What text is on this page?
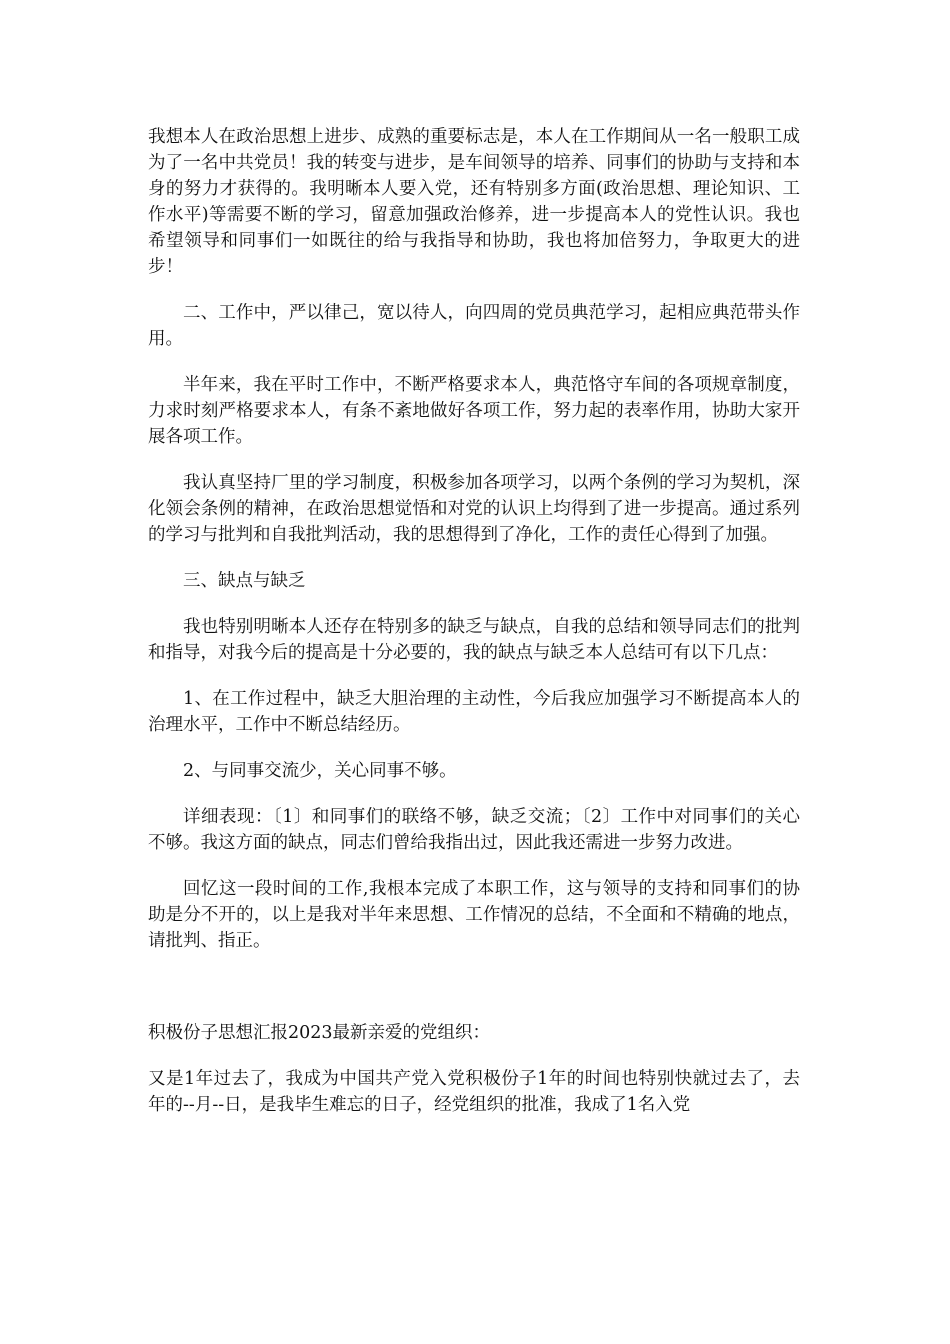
我想本人在政治思想上进步、成熟的重要标志是，本人在工作期间从一名一般职工成为了一名中共党员！我的转变与进步，是车间领导的培养、同事们的协助与支持和本身的努力才获得的。我明晰本人要入党，还有特别多方面(政治思想、理论知识、工作水平)等需要不断的学习，留意加强政治修养，进一步提高本人的党性认识。我也希望领导和同事们一如既往的给与我指导和协助，我也将加倍努力，争取更大的进步！

二、工作中，严以律己，宽以待人，向四周的党员典范学习，起相应典范带头作用。

半年来，我在平时工作中，不断严格要求本人，典范恪守车间的各项规章制度，力求时刻严格要求本人，有条不紊地做好各项工作，努力起的表率作用，协助大家开展各项工作。

我认真坚持厂里的学习制度，积极参加各项学习，以两个条例的学习为契机，深化领会条例的精神，在政治思想觉悟和对党的认识上均得到了进一步提高。通过系列的学习与批判和自我批判活动，我的思想得到了净化，工作的责任心得到了加强。

三、缺点与缺乏

我也特别明晰本人还存在特别多的缺乏与缺点，自我的总结和领导同志们的批判和指导，对我今后的提高是十分必要的，我的缺点与缺乏本人总结可有以下几点：

1、在工作过程中，缺乏大胆治理的主动性，今后我应加强学习不断提高本人的治理水平，工作中不断总结经历。

2、与同事交流少，关心同事不够。

详细表现：〔1〕和同事们的联络不够，缺乏交流；〔2〕工作中对同事们的关心不够。我这方面的缺点，同志们曾给我指出过，因此我还需进一步努力改进。

回忆这一段时间的工作,我根本完成了本职工作，这与领导的支持和同事们的协助是分不开的，以上是我对半年来思想、工作情况的总结，不全面和不精确的地点，请批判、指正。

积极份子思想汇报2023最新亲爱的党组织：

又是1年过去了，我成为中国共产党入党积极份子1年的时间也特别快就过去了，去年的--月--日，是我毕生难忘的日子，经党组织的批准，我成了1名入党
